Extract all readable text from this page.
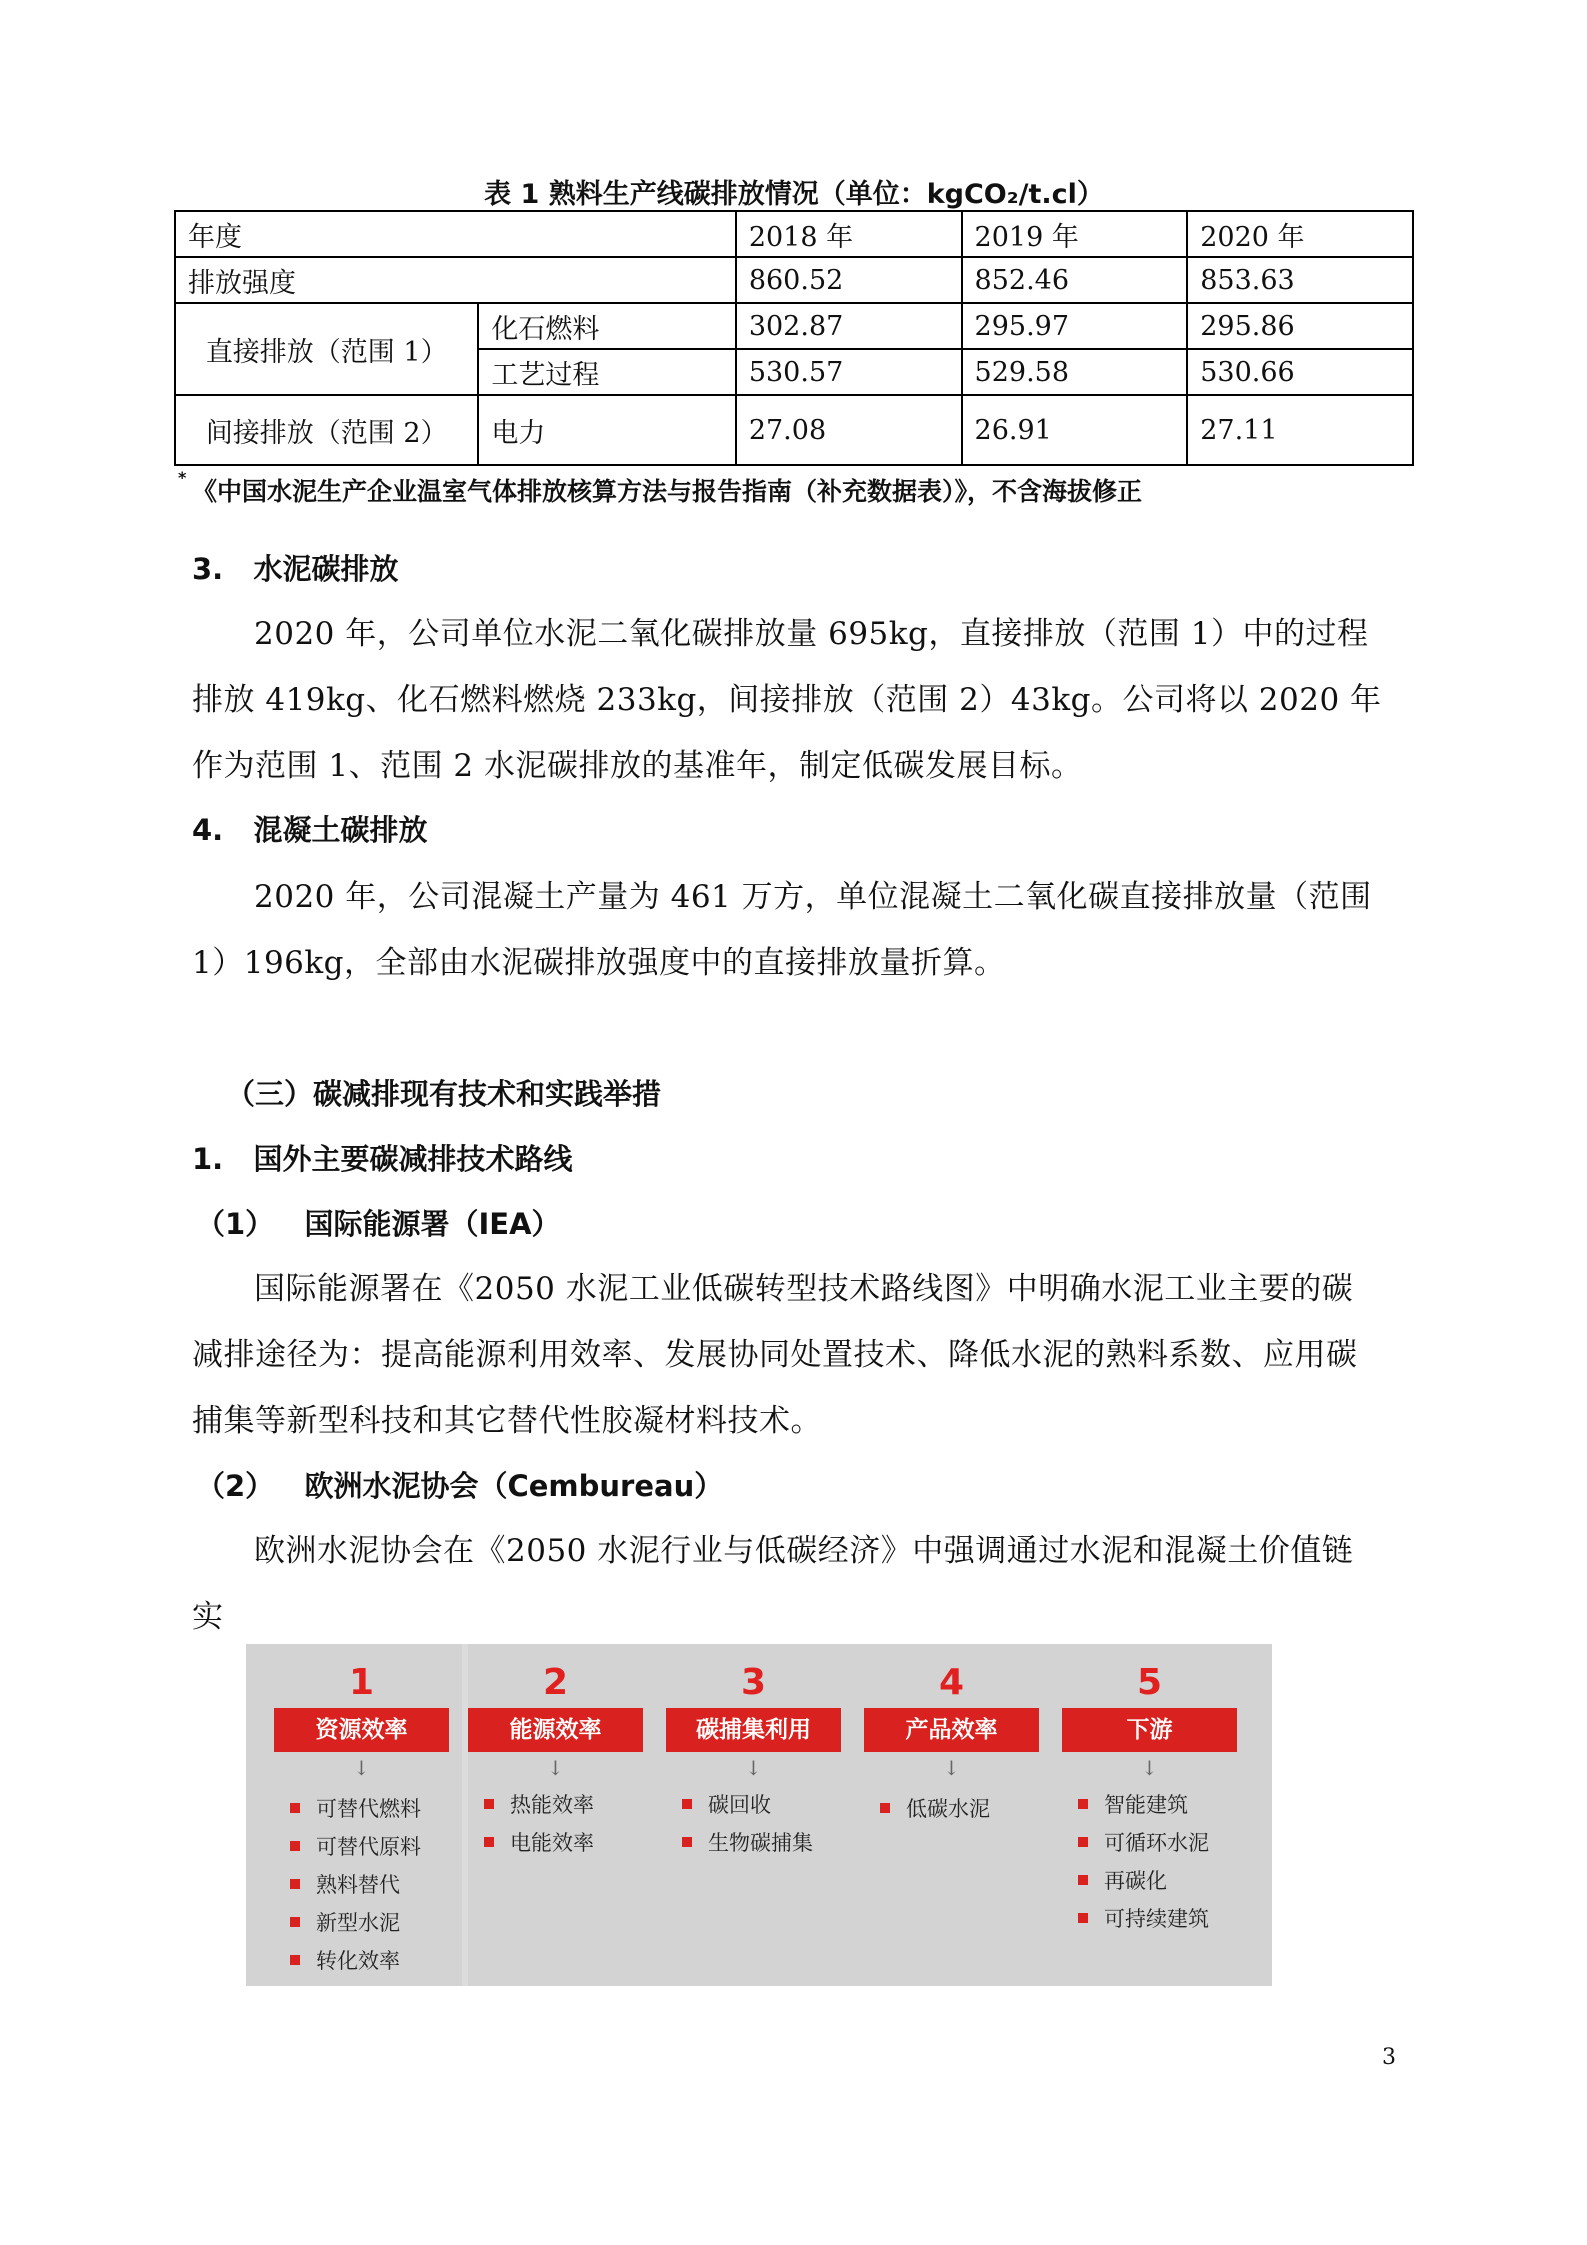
表 1 熟料生产线碳排放情况（单位：kgCO₂/t.cl）
年度		2018 年	2019 年	2020 年
排放强度		860.52	852.46	853.63
直接排放（范围 1）	化石燃料	302.87	295.97	295.86
	工艺过程	530.57	529.58	530.66
间接排放（范围 2）	电力	27.08	26.91	27.11
* 《中国水泥生产企业温室气体排放核算方法与报告指南（补充数据表）》，不含海拔修正
3.   水泥碳排放
2020 年，公司单位水泥二氧化碳排放量 695kg，直接排放（范围 1）中的过程排放 419kg、化石燃料燃烧 233kg，间接排放（范围 2）43kg。公司将以 2020 年作为范围 1、范围 2 水泥碳排放的基准年，制定低碳发展目标。
4.   混凝土碳排放
2020 年，公司混凝土产量为 461 万方，单位混凝土二氧化碳直接排放量（范围 1）196kg，全部由水泥碳排放强度中的直接排放量折算。
（三）碳减排现有技术和实践举措
1.   国外主要碳减排技术路线
（1）   国际能源署（IEA）
国际能源署在《2050 水泥工业低碳转型技术路线图》中明确水泥工业主要的碳减排途径为：提高能源利用效率、发展协同处置技术、降低水泥的熟料系数、应用碳捕集等新型科技和其它替代性胶凝材料技术。
（2）   欧洲水泥协会（Cembureau）
欧洲水泥协会在《2050 水泥行业与低碳经济》中强调通过水泥和混凝土价值链实
1
资源效率
↓
可替代燃料
可替代原料
熟料替代
新型水泥
转化效率
2
能源效率
↓
热能效率
电能效率
3
碳捕集利用
↓
碳回收
生物碳捕集
4
产品效率
↓
低碳水泥
5
下游
↓
智能建筑
可循环水泥
再碳化
可持续建筑
3
